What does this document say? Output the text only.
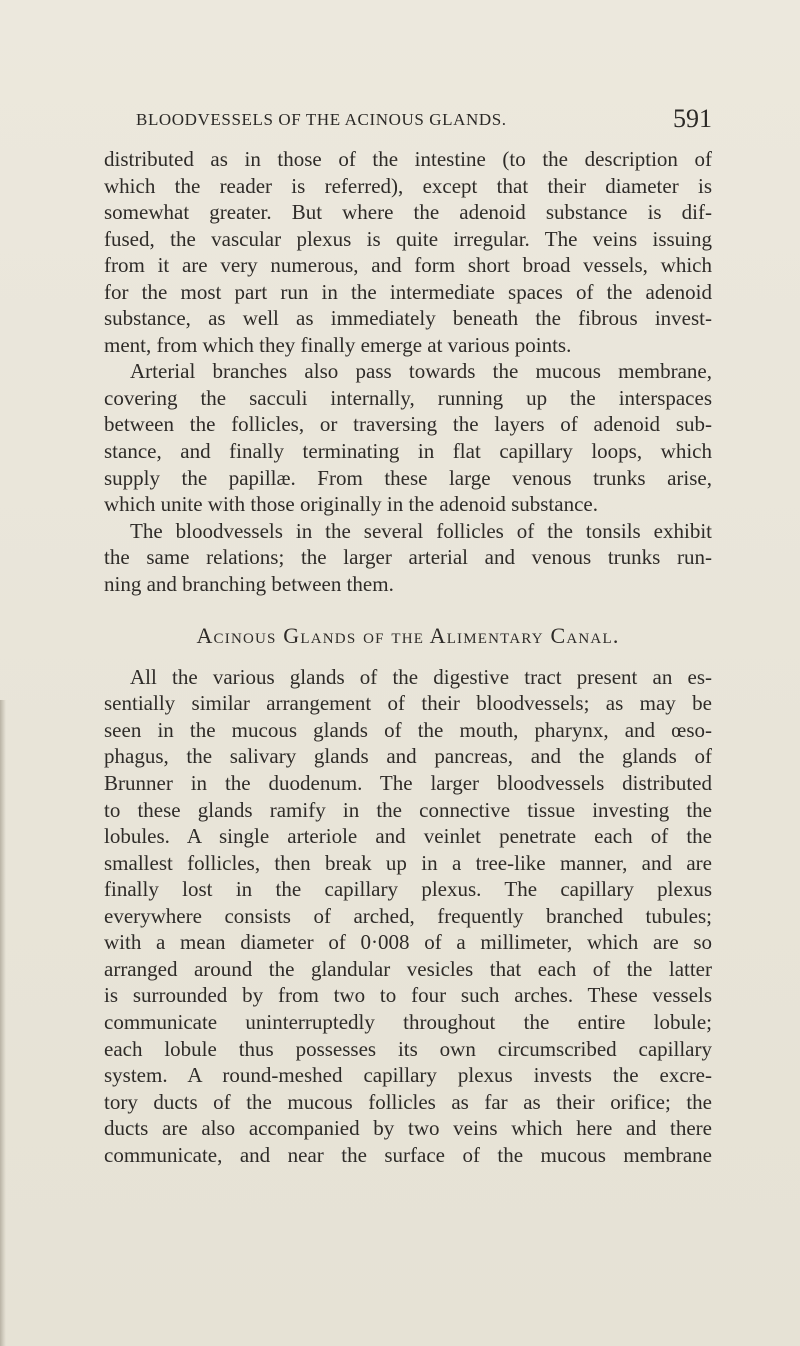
BLOODVESSELS OF THE ACINOUS GLANDS.	591
distributed as in those of the intestine (to the description of
which the reader is referred), except that their diameter is
somewhat greater. But where the adenoid substance is dif-
fused, the vascular plexus is quite irregular. The veins issuing
from it are very numerous, and form short broad vessels, which
for the most part run in the intermediate spaces of the adenoid
substance, as well as immediately beneath the fibrous invest-
ment, from which they finally emerge at various points.
Arterial branches also pass towards the mucous membrane,
covering the sacculi internally, running up the interspaces
between the follicles, or traversing the layers of adenoid sub-
stance, and finally terminating in flat capillary loops, which
supply the papillæ. From these large venous trunks arise,
which unite with those originally in the adenoid substance.
The bloodvessels in the several follicles of the tonsils exhibit
the same relations; the larger arterial and venous trunks run-
ning and branching between them.
Acinous Glands of the Alimentary Canal.
All the various glands of the digestive tract present an es-
sentially similar arrangement of their bloodvessels; as may be
seen in the mucous glands of the mouth, pharynx, and œso-
phagus, the salivary glands and pancreas, and the glands of
Brunner in the duodenum. The larger bloodvessels distributed
to these glands ramify in the connective tissue investing the
lobules. A single arteriole and veinlet penetrate each of the
smallest follicles, then break up in a tree-like manner, and are
finally lost in the capillary plexus. The capillary plexus
everywhere consists of arched, frequently branched tubules;
with a mean diameter of 0·008 of a millimeter, which are so
arranged around the glandular vesicles that each of the latter
is surrounded by from two to four such arches. These vessels
communicate uninterruptedly throughout the entire lobule;
each lobule thus possesses its own circumscribed capillary
system. A round-meshed capillary plexus invests the excre-
tory ducts of the mucous follicles as far as their orifice; the
ducts are also accompanied by two veins which here and there
communicate, and near the surface of the mucous membrane
